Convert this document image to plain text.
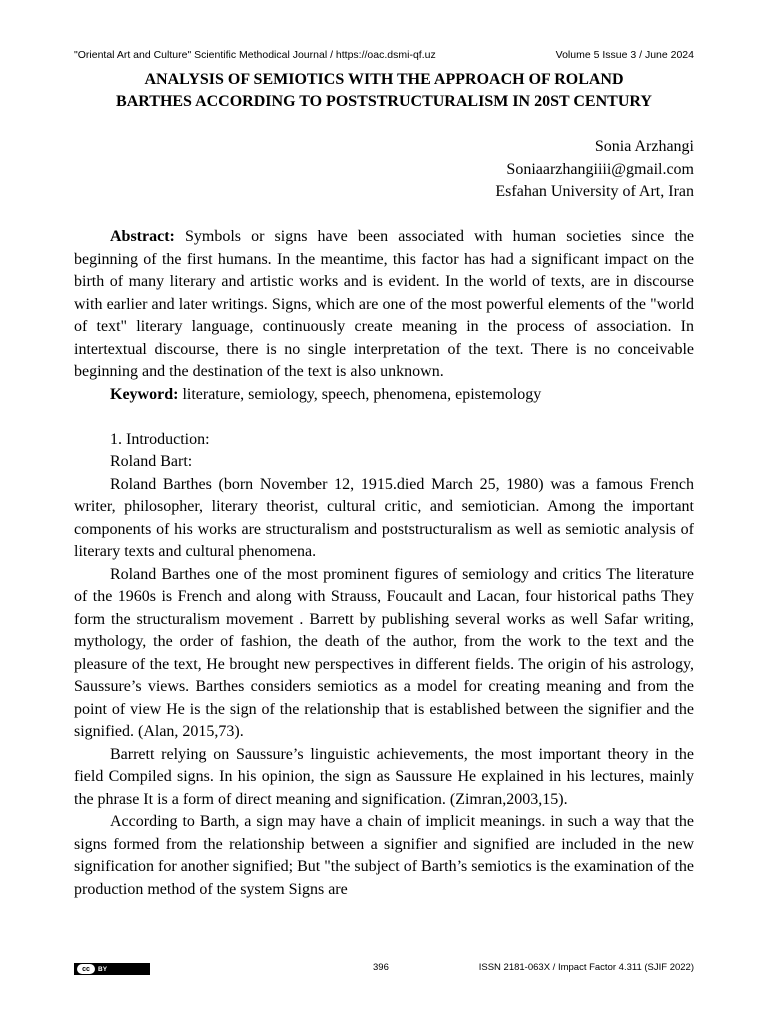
"Oriental Art and Culture" Scientific Methodical Journal / https://oac.dsmi-qf.uz	Volume 5 Issue 3 / June 2024
ANALYSIS OF SEMIOTICS WITH THE APPROACH OF ROLAND
BARTHES ACCORDING TO POSTSTRUCTURALISM IN 20ST CENTURY
Sonia Arzhangi
Soniaarzhangiiii@gmail.com
Esfahan University of Art, Iran

Abstract: Symbols or signs have been associated with human societies since the beginning of the first humans. In the meantime, this factor has had a significant impact on the birth of many literary and artistic works and is evident. In the world of texts, are in discourse with earlier and later writings. Signs, which are one of the most powerful elements of the "world of text" literary language, continuously create meaning in the process of association. In intertextual discourse, there is no single interpretation of the text. There is no conceivable beginning and the destination of the text is also unknown.

Keyword: literature, semiology, speech, phenomena, epistemology

1. Introduction:

Roland Bart:

Roland Barthes (born November 12, 1915.died March 25, 1980) was a famous French writer, philosopher, literary theorist, cultural critic, and semiotician. Among the important components of his works are structuralism and poststructuralism as well as semiotic analysis of literary texts and cultural phenomena.

Roland Barthes one of the most prominent figures of semiology and critics The literature of the 1960s is French and along with Strauss, Foucault and Lacan, four historical paths They form the structuralism movement . Barrett by publishing several works as well Safar writing, mythology, the order of fashion, the death of the author, from the work to the text and the pleasure of the text, He brought new perspectives in different fields. The origin of his astrology, Saussure’s views. Barthes considers semiotics as a model for creating meaning and from the point of view He is the sign of the relationship that is established between the signifier and the signified. (Alan, 2015,73).

Barrett relying on Saussure’s linguistic achievements, the most important theory in the field Compiled signs. In his opinion, the sign as Saussure He explained in his lectures, mainly the phrase It is a form of direct meaning and signification. (Zimran,2003,15).

According to Barth, a sign may have a chain of implicit meanings. in such a way that the signs formed from the relationship between a signifier and signified are included in the new signification for another signified; But "the subject of Barth’s semiotics is the examination of the production method of the system Signs are

cc	BY	396	ISSN 2181-063X / Impact Factor 4.311 (SJIF 2022)
